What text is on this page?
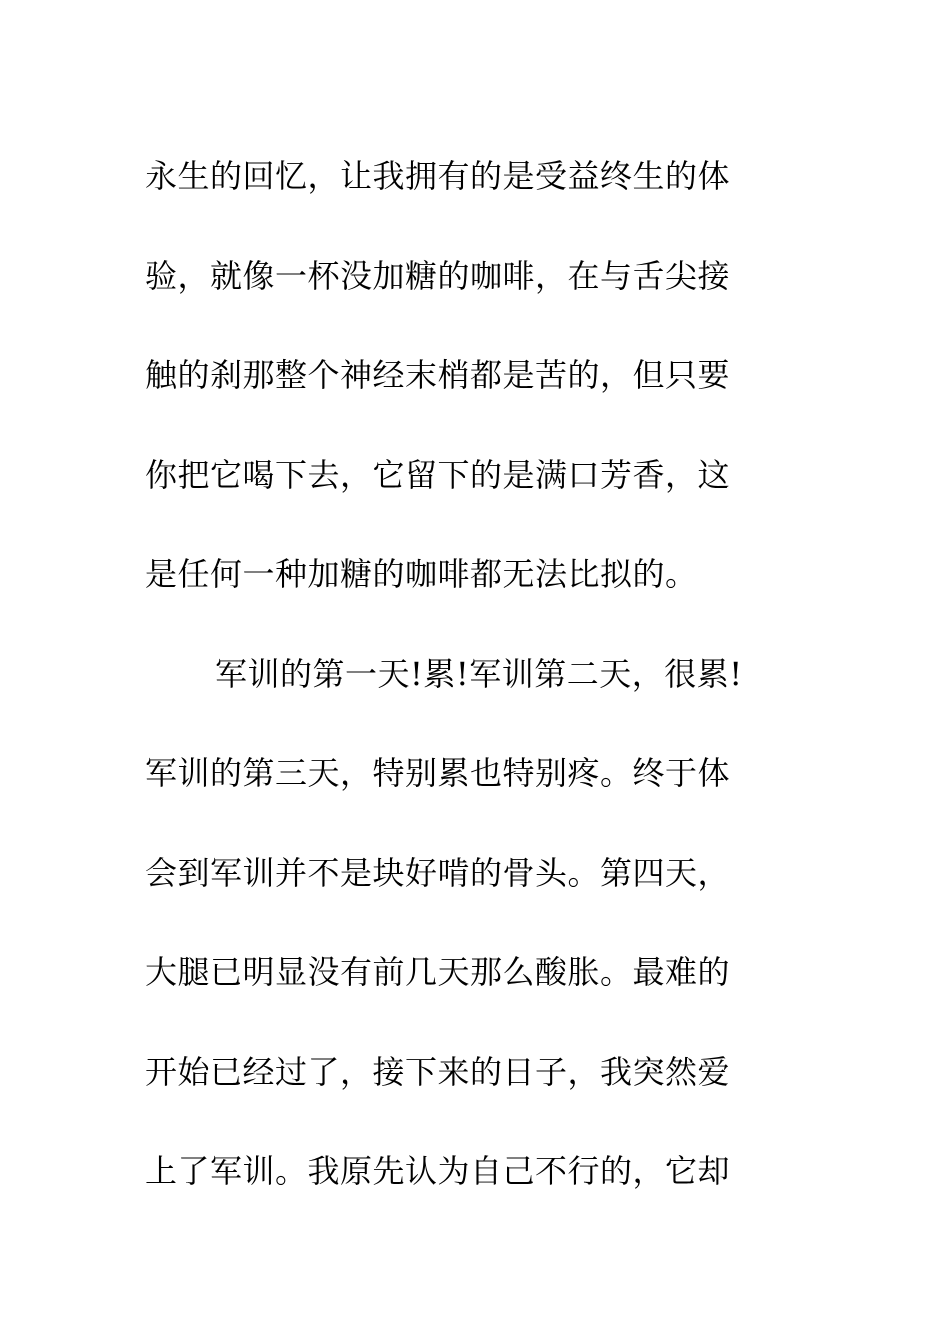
永生的回忆，让我拥有的是受益终生的体
验，就像一杯没加糖的咖啡，在与舌尖接
触的刹那整个神经末梢都是苦的，但只要
你把它喝下去，它留下的是满口芳香，这
是任何一种加糖的咖啡都无法比拟的。
军训的第一天!累!军训第二天，很累!
军训的第三天，特别累也特别疼。终于体
会到军训并不是块好啃的骨头。第四天，
大腿已明显没有前几天那么酸胀。最难的
开始已经过了，接下来的日子，我突然爱
上了军训。我原先认为自己不行的，它却
